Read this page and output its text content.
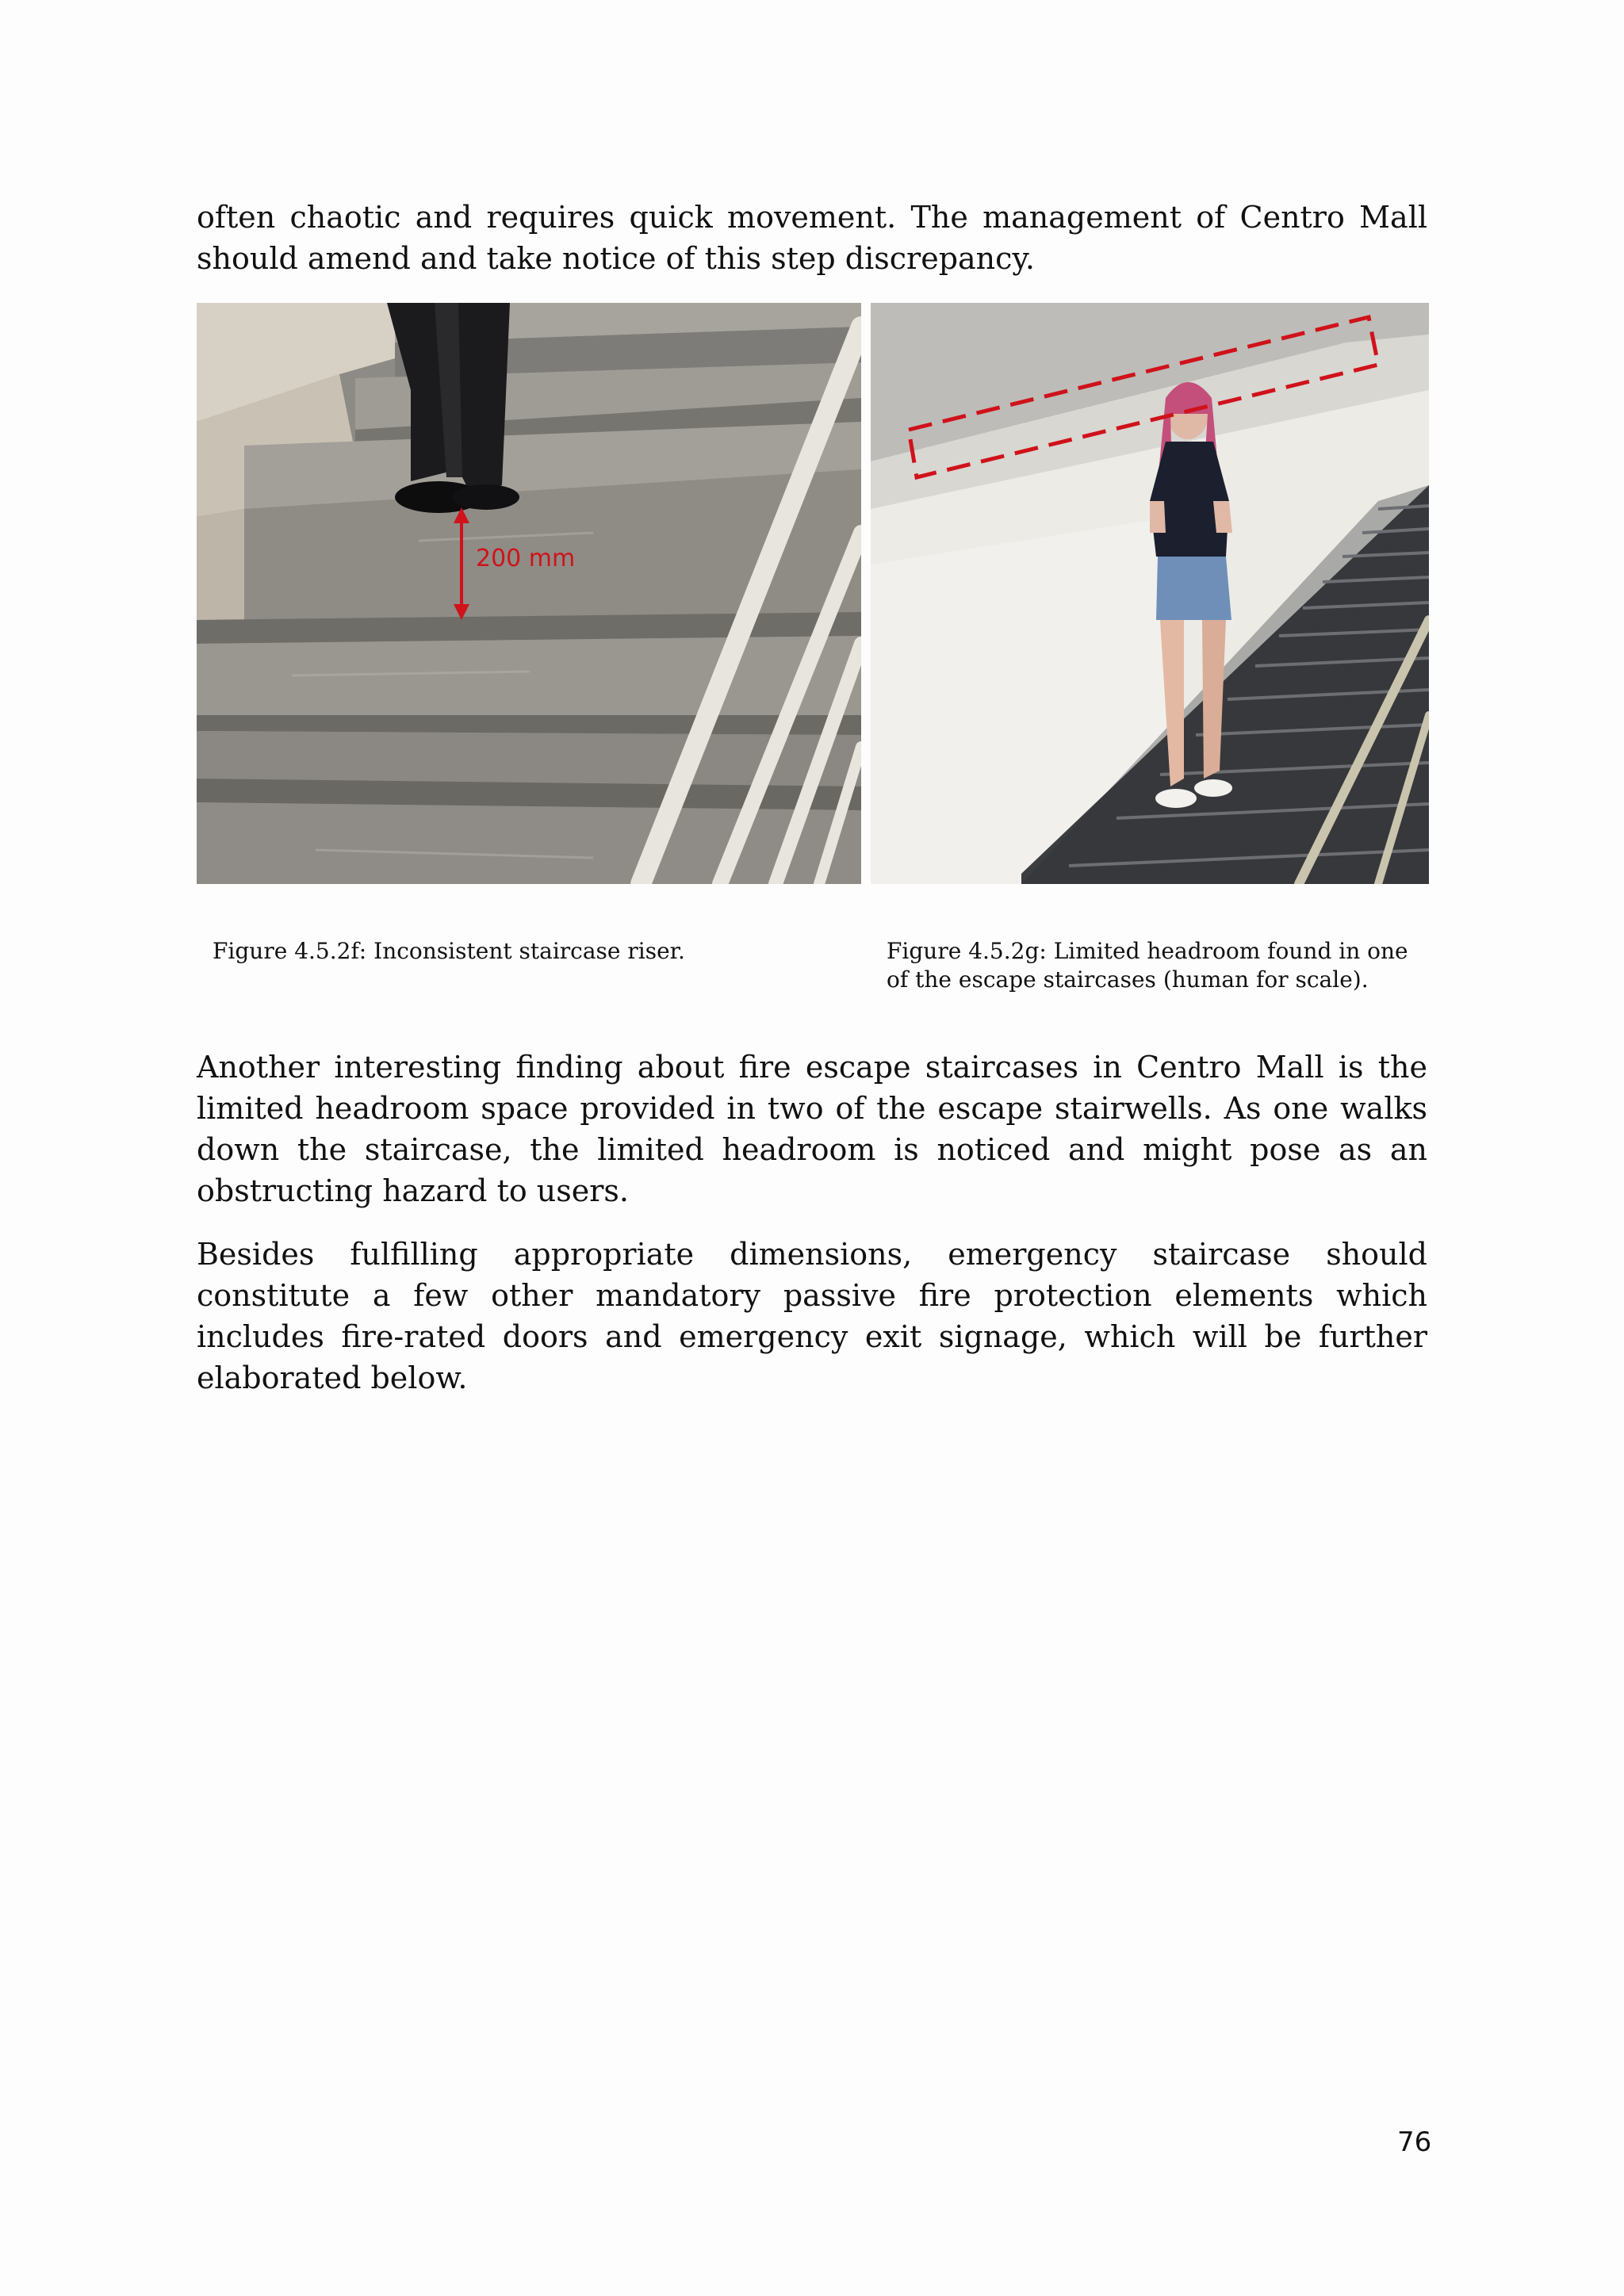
often chaotic and requires quick movement. The management of Centro Mall should amend and take notice of this step discrepancy.

200 mm

Figure 4.5.2f: Inconsistent staircase riser.	Figure 4.5.2g: Limited headroom found in one of the escape staircases (human for scale).

Another interesting finding about fire escape staircases in Centro Mall is the limited headroom space provided in two of the escape stairwells. As one walks down the staircase, the limited headroom is noticed and might pose as an obstructing hazard to users.

Besides fulfilling appropriate dimensions, emergency staircase should constitute a few other mandatory passive fire protection elements which includes fire-rated doors and emergency exit signage, which will be further elaborated below.

76
